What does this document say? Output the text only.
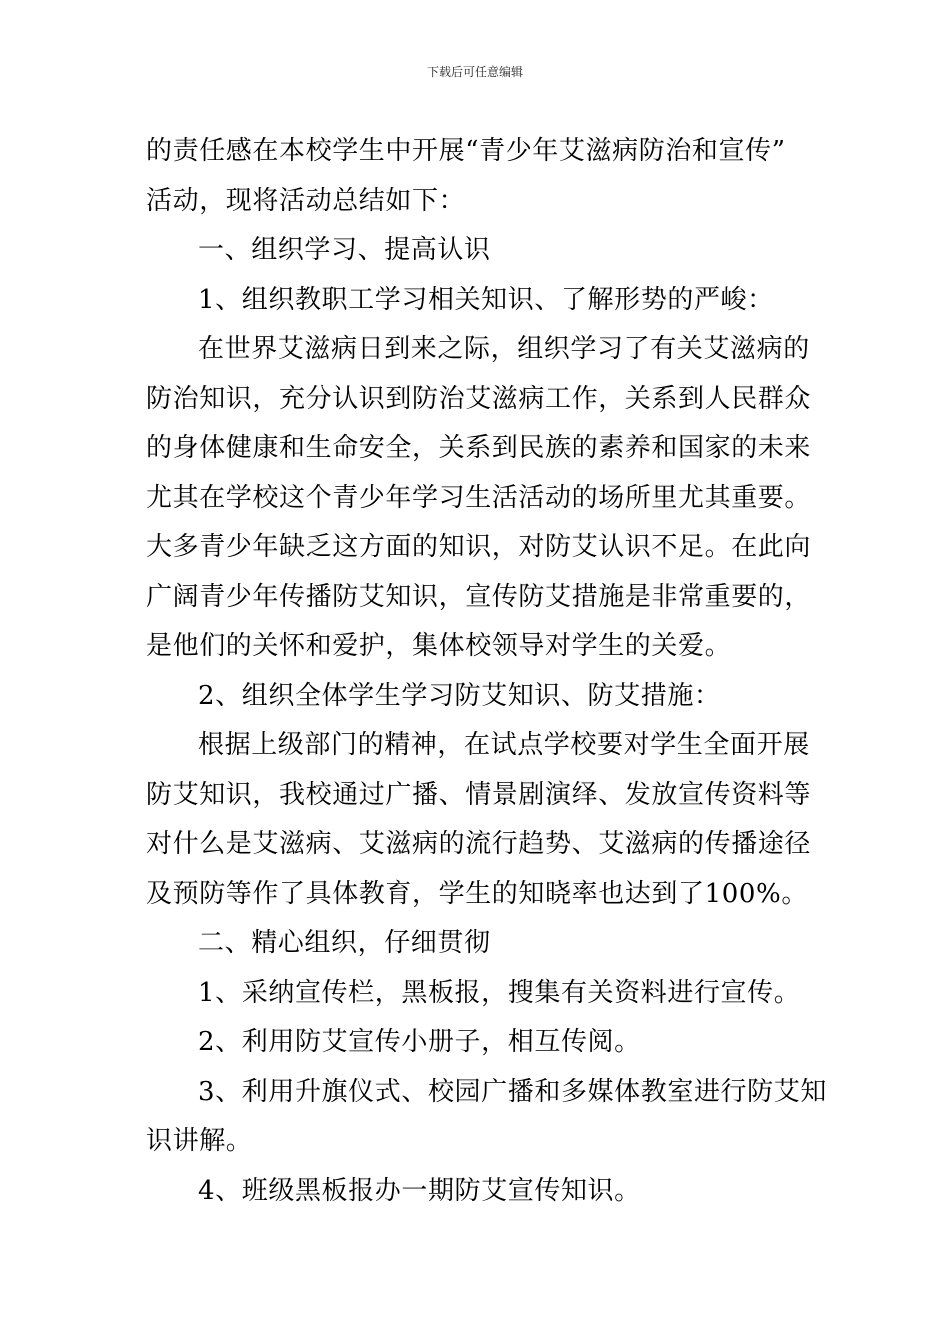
下载后可任意编辑
的责任感在本校学生中开展“青少年艾滋病防治和宣传”
活动，现将活动总结如下：
一、组织学习、提高认识
1、组织教职工学习相关知识、了解形势的严峻：
在世界艾滋病日到来之际，组织学习了有关艾滋病的
防治知识，充分认识到防治艾滋病工作，关系到人民群众
的身体健康和生命安全，关系到民族的素养和国家的未来
尤其在学校这个青少年学习生活活动的场所里尤其重要。
大多青少年缺乏这方面的知识，对防艾认识不足。在此向
广阔青少年传播防艾知识，宣传防艾措施是非常重要的，
是他们的关怀和爱护，集体校领导对学生的关爱。
2、组织全体学生学习防艾知识、防艾措施：
根据上级部门的精神，在试点学校要对学生全面开展
防艾知识，我校通过广播、情景剧演绎、发放宣传资料等
对什么是艾滋病、艾滋病的流行趋势、艾滋病的传播途径
及预防等作了具体教育，学生的知晓率也达到了100%。
二、精心组织，仔细贯彻
1、采纳宣传栏，黑板报，搜集有关资料进行宣传。
2、利用防艾宣传小册子，相互传阅。
3、利用升旗仪式、校园广播和多媒体教室进行防艾知
识讲解。
4、班级黑板报办一期防艾宣传知识。
